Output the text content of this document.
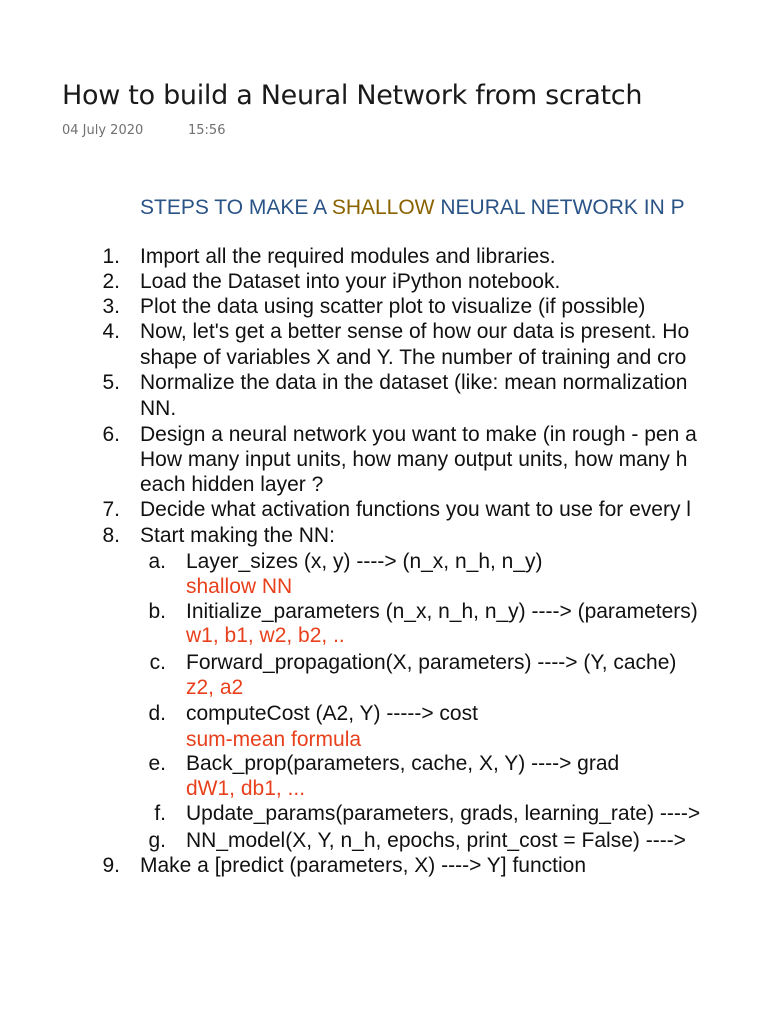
How to build a Neural Network from scratch
04 July 2020	15:56
STEPS TO MAKE A SHALLOW NEURAL NETWORK IN P
1. Import all the required modules and libraries.
2. Load the Dataset into your iPython notebook.
3. Plot the data using scatter plot to visualize (if possible)
4. Now, let's get a better sense of how our data is present. Ho
shape of variables X and Y. The number of training and cro
5. Normalize the data in the dataset (like: mean normalization
NN.
6. Design a neural network you want to make (in rough - pen a
How many input units, how many output units, how many h
each hidden layer ?
7. Decide what activation functions you want to use for every l
8. Start making the NN:
a. Layer_sizes (x, y) ----> (n_x, n_h, n_y)
shallow NN
b. Initialize_parameters (n_x, n_h, n_y) ----> (parameters)
w1, b1, w2, b2, ..
c. Forward_propagation(X, parameters) ----> (Y, cache)
z2, a2
d. computeCost (A2, Y) -----> cost
sum-mean formula
e. Back_prop(parameters, cache, X, Y) ----> grad
dW1, db1, ...
f. Update_params(parameters, grads, learning_rate) ---->
g. NN_model(X, Y, n_h, epochs, print_cost = False) ---->
9. Make a [predict (parameters, X) ----> Y] function
